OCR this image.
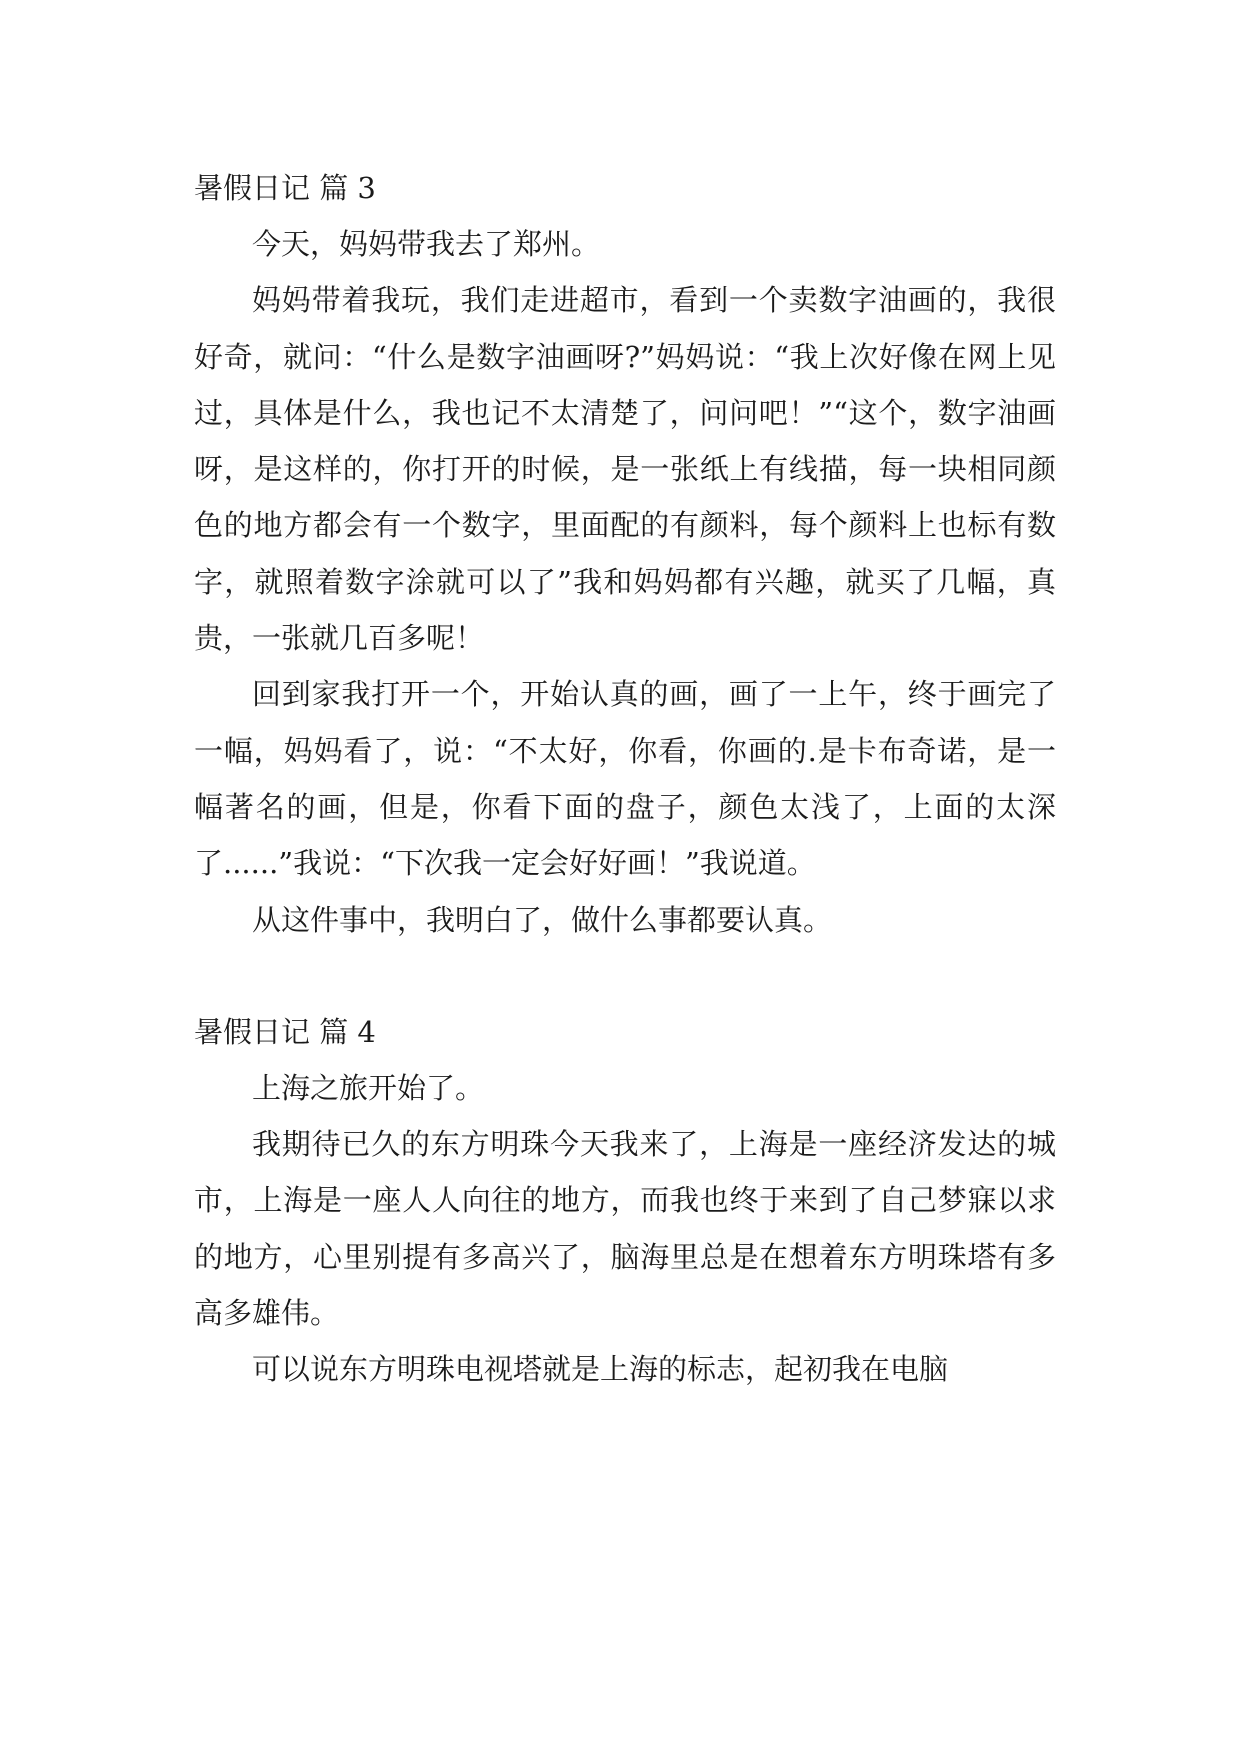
暑假日记 篇 3

今天，妈妈带我去了郑州。

妈妈带着我玩，我们走进超市，看到一个卖数字油画的，我很好奇，就问：“什么是数字油画呀?”妈妈说：“我上次好像在网上见过，具体是什么，我也记不太清楚了，问问吧！”“这个，数字油画呀，是这样的，你打开的时候，是一张纸上有线描，每一块相同颜色的地方都会有一个数字，里面配的有颜料，每个颜料上也标有数字，就照着数字涂就可以了”我和妈妈都有兴趣，就买了几幅，真贵，一张就几百多呢！

回到家我打开一个，开始认真的画，画了一上午，终于画完了一幅，妈妈看了，说：“不太好，你看，你画的.是卡布奇诺，是一幅著名的画，但是，你看下面的盘子，颜色太浅了，上面的太深了......”我说：“下次我一定会好好画！”我说道。

从这件事中，我明白了，做什么事都要认真。

暑假日记 篇 4

上海之旅开始了。

我期待已久的东方明珠今天我来了，上海是一座经济发达的城市，上海是一座人人向往的地方，而我也终于来到了自己梦寐以求的地方，心里别提有多高兴了，脑海里总是在想着东方明珠塔有多高多雄伟。

可以说东方明珠电视塔就是上海的标志，起初我在电脑
